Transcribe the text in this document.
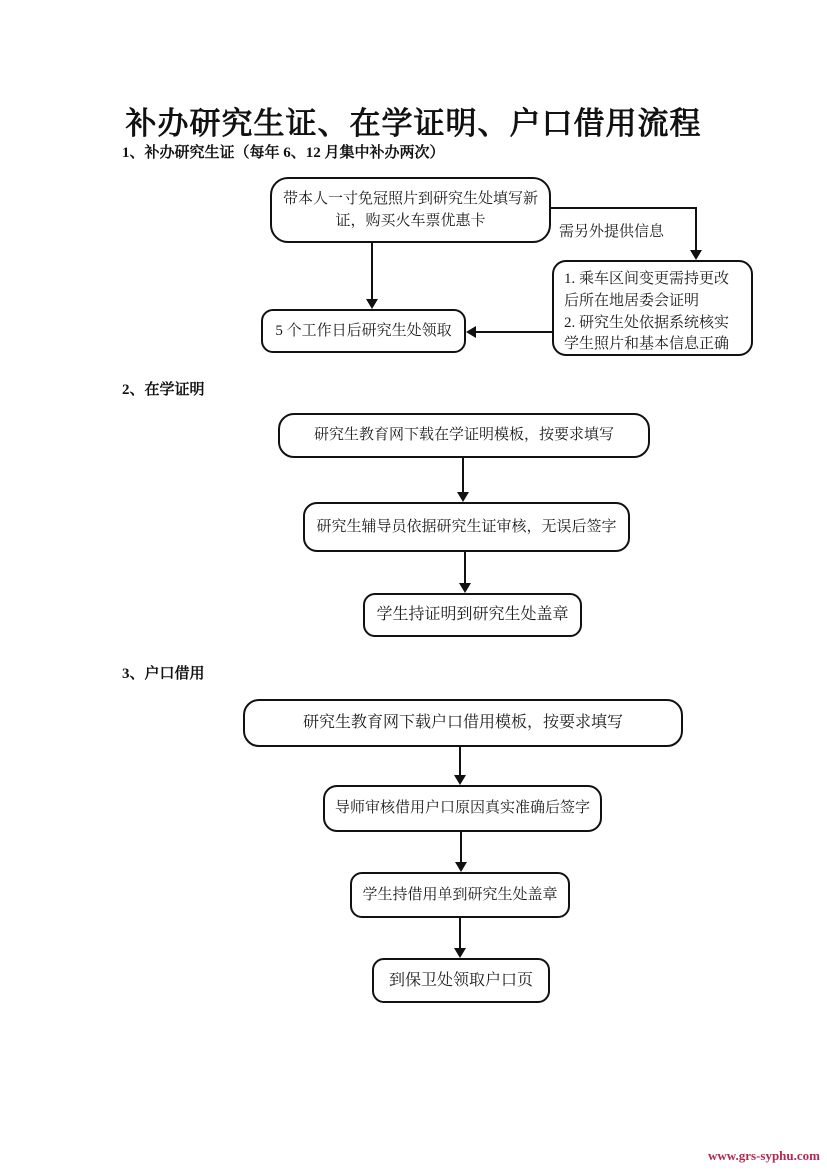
补办研究生证、在学证明、户口借用流程
1、补办研究生证（每年 6、12 月集中补办两次）
带本人一寸免冠照片到研究生处填写新证，购买火车票优惠卡
需另外提供信息
1. 乘车区间变更需持更改后所在地居委会证明
2. 研究生处依据系统核实学生照片和基本信息正确
5 个工作日后研究生处领取
2、在学证明
研究生教育网下载在学证明模板，按要求填写
研究生辅导员依据研究生证审核，无误后签字
学生持证明到研究生处盖章
3、户口借用
研究生教育网下载户口借用模板，按要求填写
导师审核借用户口原因真实准确后签字
学生持借用单到研究生处盖章
到保卫处领取户口页
www.grs-syphu.com
